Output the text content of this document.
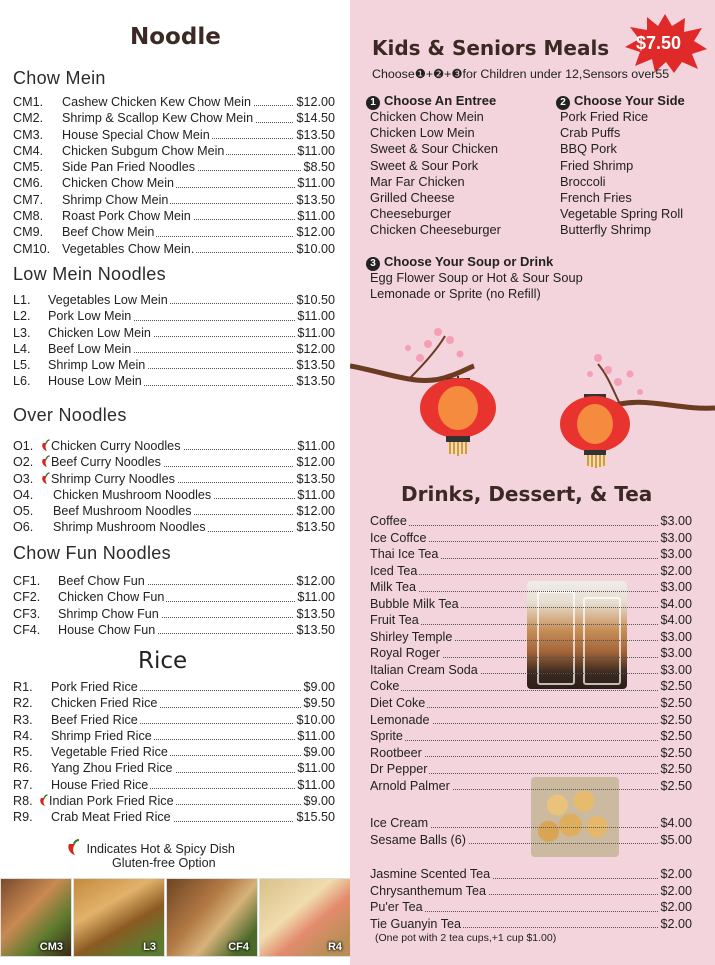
Noodle
Chow Mein
CM1. Cashew Chicken Kew Chow Mein	$12.00
CM2. Shrimp & Scallop Kew Chow Mein	$14.50
CM3. House Special Chow Mein	$13.50
CM4. Chicken Subgum Chow Mein	$11.00
CM5. Side Pan Fried Noodles	$8.50
CM6. Chicken Chow Mein	$11.00
CM7. Shrimp Chow Mein	$13.50
CM8. Roast Pork Chow Mein	$11.00
CM9. Beef Chow Mein	$12.00
CM10. Vegetables Chow Mein.	$10.00
Low Mein Noodles
L1. Vegetables Low Mein	$10.50
L2. Pork Low Mein	$11.00
L3. Chicken Low Mein	$11.00
L4. Beef Low Mein	$12.00
L5. Shrimp Low Mein	$13.50
L6. House Low Mein	$13.50
Over Noodles
O1.	Chicken Curry Noodles	$11.00
O2.	Beef Curry Noodles	$12.00
O3.	Shrimp Curry Noodles	$13.50
O4. Chicken Mushroom Noodles	$11.00
O5. Beef Mushroom Noodles	$12.00
O6. Shrimp Mushroom Noodles	$13.50
Chow Fun Noodles
CF1. Beef Chow Fun	$12.00
CF2. Chicken Chow Fun	$11.00
CF3. Shrimp Chow Fun	$13.50
CF4. House Chow Fun	$13.50
Rice
R1. Pork Fried Rice	$9.00
R2. Chicken Fried Rice	$9.50
R3. Beef Fried Rice	$10.00
R4. Shrimp Fried Rice	$11.00
R5. Vegetable Fried Rice	$9.00
R6. Yang Zhou Fried Rice	$11.00
R7. House Fried Rice	$11.00
R8.	Indian Pork Fried Rice	$9.00
R9. Crab Meat Fried Rice	$15.50
Indicates Hot & Spicy Dish
Gluten-free Option
CM3	L3	CF4	R4
Kids & Seniors Meals $7.50
Choose❶+❷+❸for Children under 12,Sensors over55
1 Choose An Entree
Chicken Chow Mein
Chicken Low Mein
Sweet & Sour Chicken
Sweet & Sour Pork
Mar Far Chicken
Grilled Cheese
Cheeseburger
Chicken Cheeseburger
2 Choose Your Side
Pork Fried Rice
Crab Puffs
BBQ Pork
Fried Shrimp
Broccoli
French Fries
Vegetable Spring Roll
Butterfly Shrimp
3 Choose Your Soup or Drink
Egg Flower Soup or Hot & Sour Soup
Lemonade or Sprite (no Refill)
Drinks, Dessert, & Tea
Coffee	$3.00
Ice Coffce	$3.00
Thai Ice Tea	$3.00
Iced Tea	$2.00
Milk Tea	$3.00
Bubble Milk Tea	$4.00
Fruit Tea	$4.00
Shirley Temple	$3.00
Royal Roger	$3.00
Italian Cream Soda	$3.00
Coke	$2.50
Diet Coke	$2.50
Lemonade	$2.50
Sprite	$2.50
Rootbeer	$2.50
Dr Pepper	$2.50
Arnold Palmer	$2.50
Ice Cream	$4.00
Sesame Balls (6)	$5.00
Jasmine Scented Tea	$2.00
Chrysanthemum Tea	$2.00
Pu'er Tea	$2.00
Tie Guanyin Tea	$2.00
(One pot with 2 tea cups,+1 cup $1.00)
